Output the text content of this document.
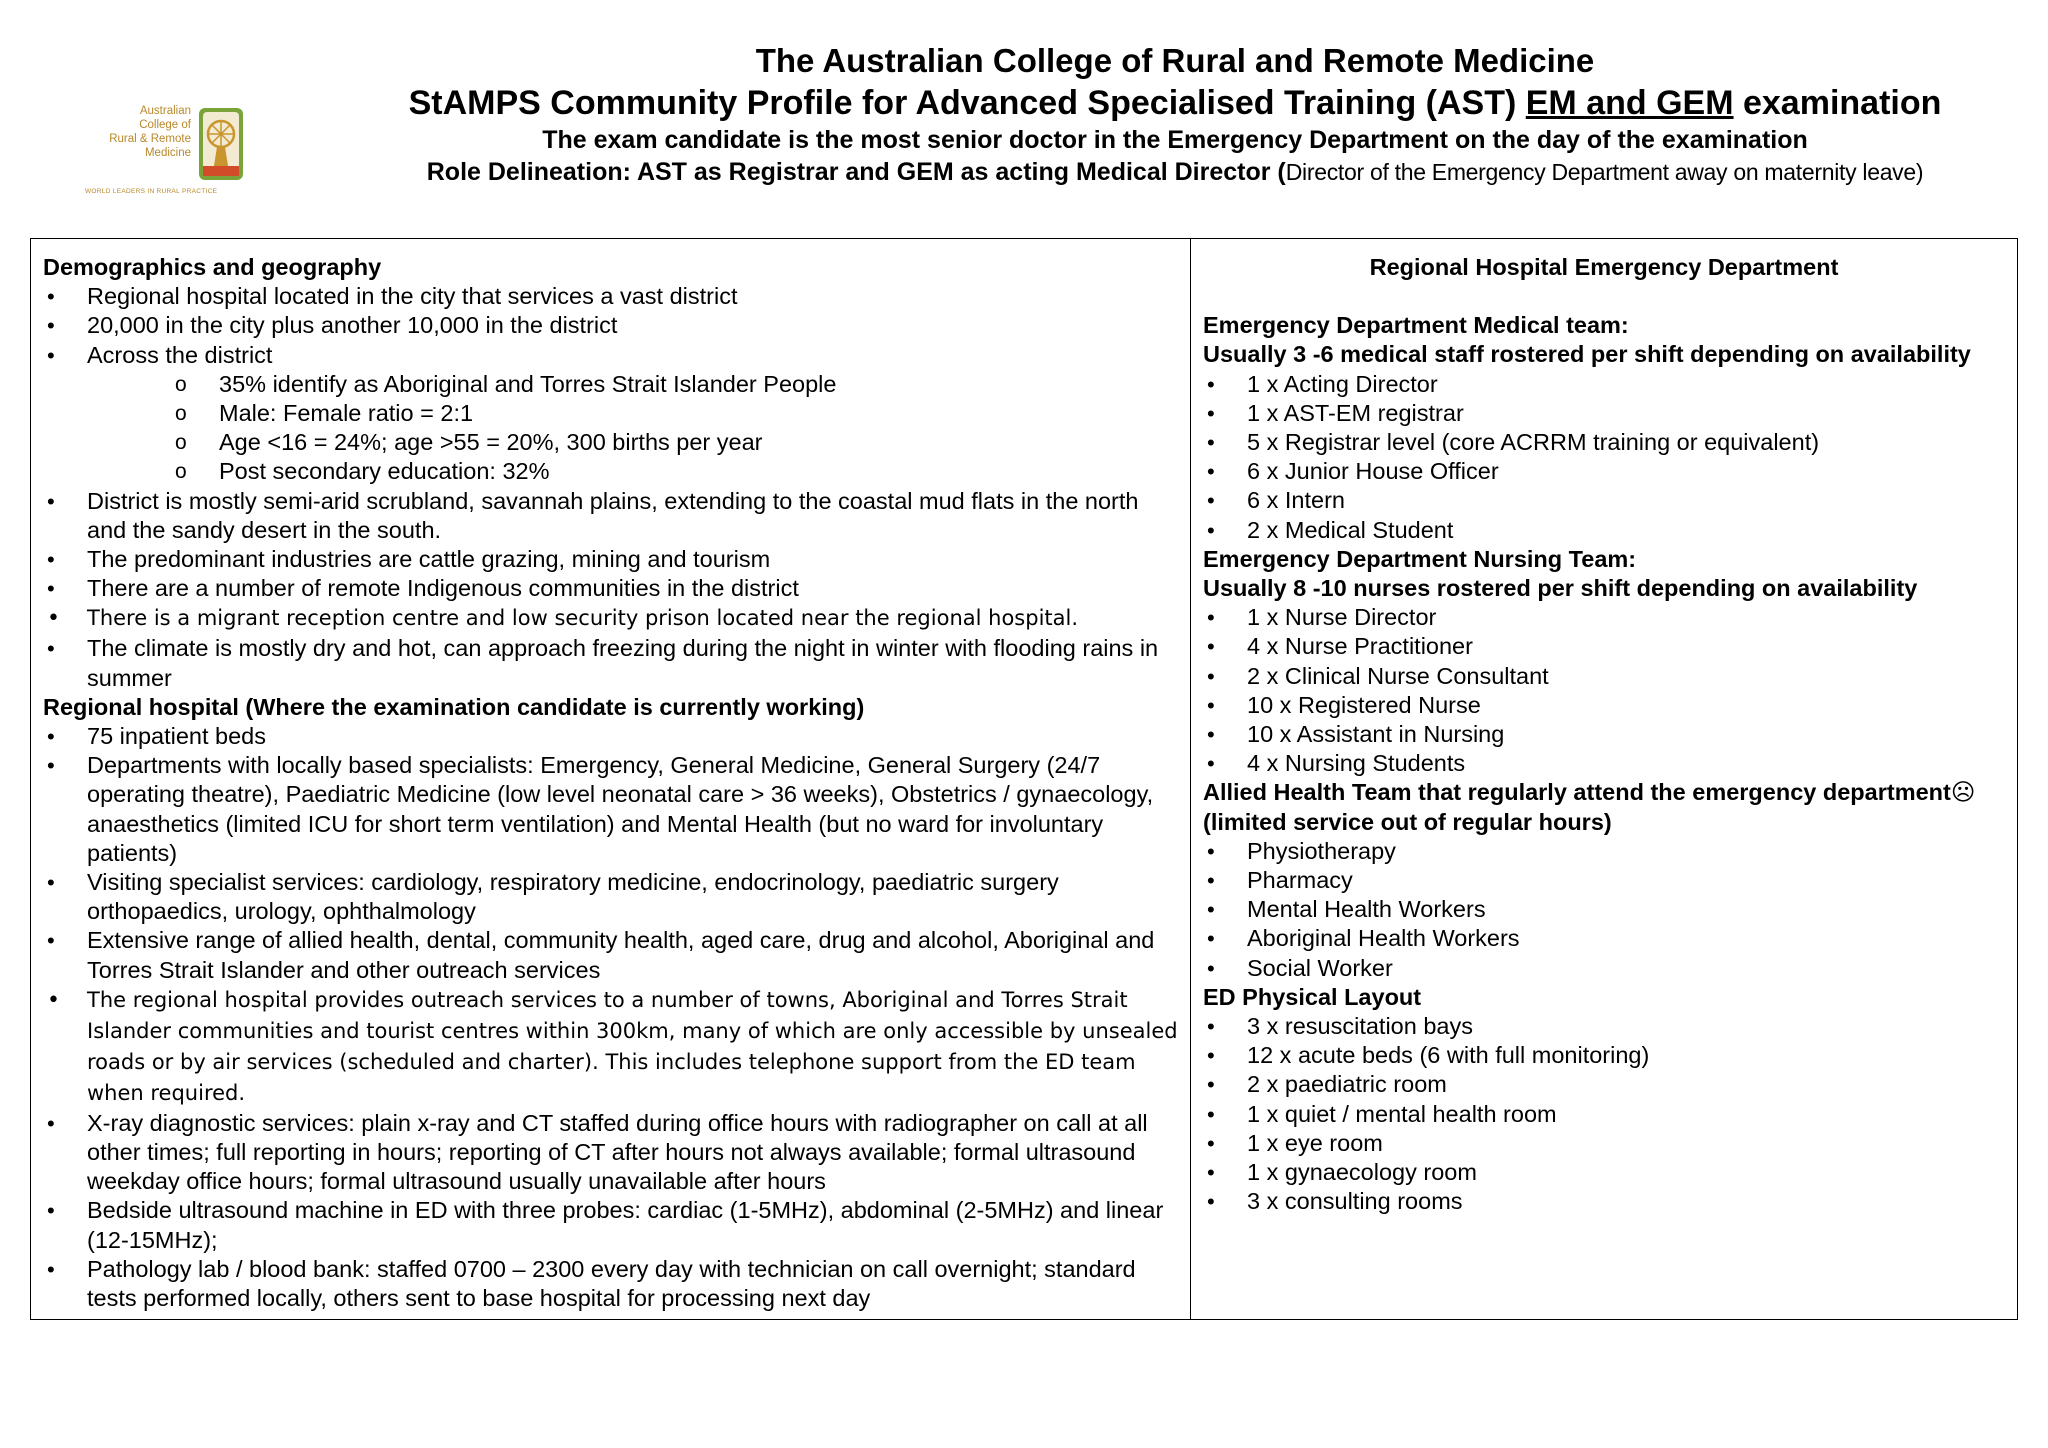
Australian
College of
Rural & Remote
Medicine
WORLD LEADERS IN RURAL PRACTICE
The Australian College of Rural and Remote Medicine
StAMPS Community Profile for Advanced Specialised Training (AST) EM and GEM examination
The exam candidate is the most senior doctor in the Emergency Department on the day of the examination
Role Delineation: AST as Registrar and GEM as acting Medical Director (Director of the Emergency Department away on maternity leave)
Demographics and geography
• Regional hospital located in the city that services a vast district
• 20,000 in the city plus another 10,000 in the district
• Across the district
o 35% identify as Aboriginal and Torres Strait Islander People
o Male: Female ratio = 2:1
o Age <16 = 24%; age >55 = 20%, 300 births per year
o Post secondary education: 32%
• District is mostly semi-arid scrubland, savannah plains, extending to the coastal mud flats in the north and the sandy desert in the south.
• The predominant industries are cattle grazing, mining and tourism
• There are a number of remote Indigenous communities in the district
• There is a migrant reception centre and low security prison located near the regional hospital.
• The climate is mostly dry and hot, can approach freezing during the night in winter with flooding rains in summer
Regional hospital (Where the examination candidate is currently working)
• 75 inpatient beds
• Departments with locally based specialists: Emergency, General Medicine, General Surgery (24/7 operating theatre), Paediatric Medicine (low level neonatal care > 36 weeks), Obstetrics / gynaecology, anaesthetics (limited ICU for short term ventilation) and Mental Health (but no ward for involuntary patients)
• Visiting specialist services: cardiology, respiratory medicine, endocrinology, paediatric surgery orthopaedics, urology, ophthalmology
• Extensive range of allied health, dental, community health, aged care, drug and alcohol, Aboriginal and Torres Strait Islander and other outreach services
• The regional hospital provides outreach services to a number of towns, Aboriginal and Torres Strait Islander communities and tourist centres within 300km, many of which are only accessible by unsealed roads or by air services (scheduled and charter). This includes telephone support from the ED team when required.
• X-ray diagnostic services: plain x-ray and CT staffed during office hours with radiographer on call at all other times; full reporting in hours; reporting of CT after hours not always available; formal ultrasound weekday office hours; formal ultrasound usually unavailable after hours
• Bedside ultrasound machine in ED with three probes: cardiac (1-5MHz), abdominal (2-5MHz) and linear (12-15MHz);
• Pathology lab / blood bank: staffed 0700 – 2300 every day with technician on call overnight; standard tests performed locally, others sent to base hospital for processing next day
Regional Hospital Emergency Department
Emergency Department Medical team:
Usually 3 -6 medical staff rostered per shift depending on availability
• 1 x Acting Director
• 1 x AST-EM registrar
• 5 x Registrar level (core ACRRM training or equivalent)
• 6 x Junior House Officer
• 6 x Intern
• 2 x Medical Student
Emergency Department Nursing Team:
Usually 8 -10 nurses rostered per shift depending on availability
• 1 x Nurse Director
• 4 x Nurse Practitioner
• 2 x Clinical Nurse Consultant
• 10 x Registered Nurse
• 10 x Assistant in Nursing
• 4 x Nursing Students
Allied Health Team that regularly attend the emergency department☹
(limited service out of regular hours)
• Physiotherapy
• Pharmacy
• Mental Health Workers
• Aboriginal Health Workers
• Social Worker
ED Physical Layout
• 3 x resuscitation bays
• 12 x acute beds (6 with full monitoring)
• 2 x paediatric room
• 1 x quiet / mental health room
• 1 x eye room
• 1 x gynaecology room
• 3 x consulting rooms
